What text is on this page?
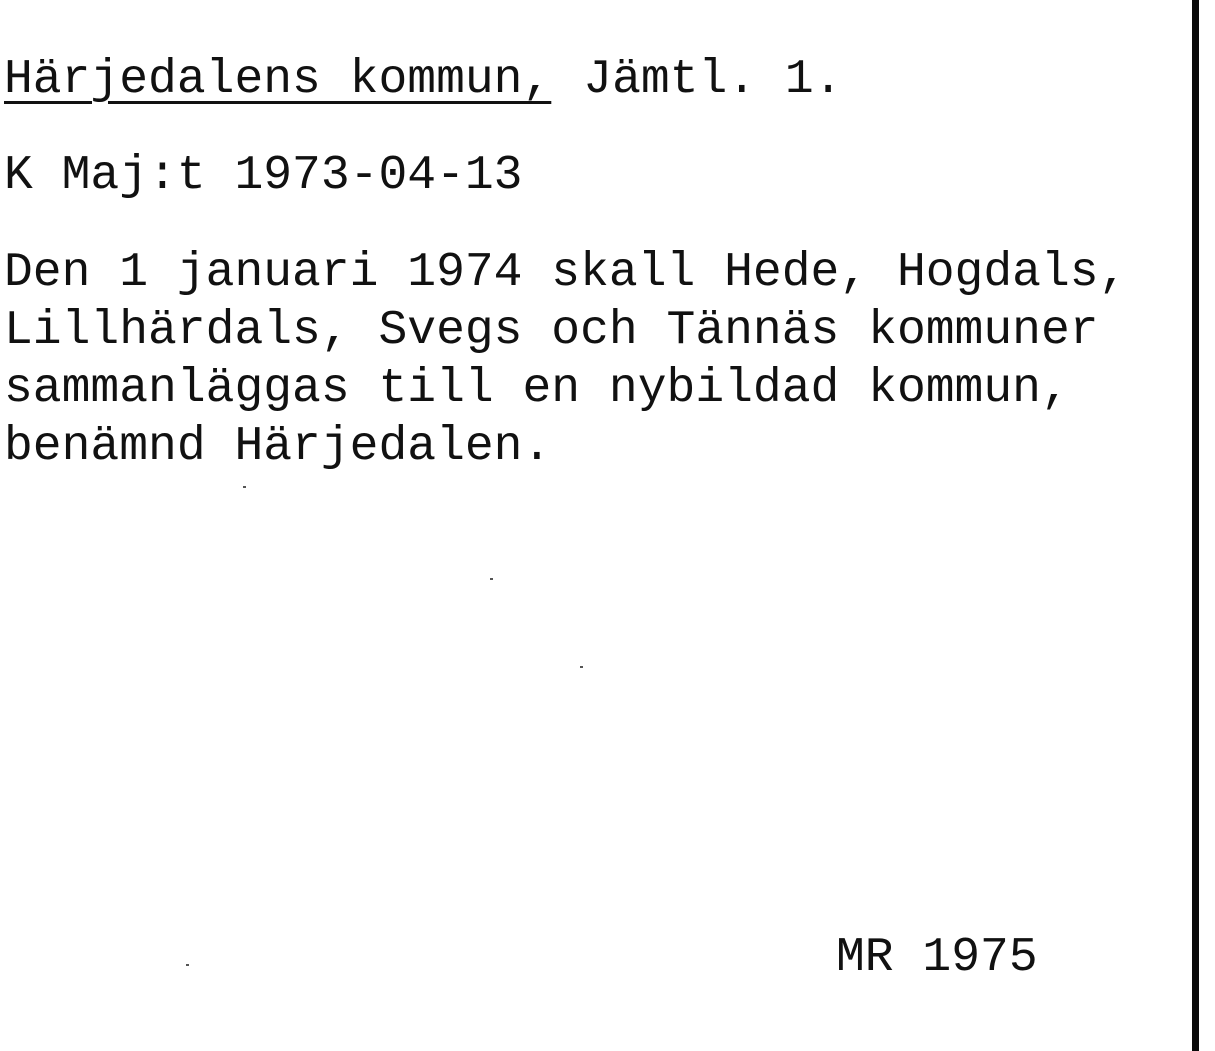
Härjedalens kommun, Jämtl. 1.
K Maj:t 1973-04-13
Den 1 januari 1974 skall Hede, Hogdals,
Lillhärdals, Svegs och Tännäs kommuner
sammanläggas till en nybildad kommun,
benämnd Härjedalen.
MR 1975
